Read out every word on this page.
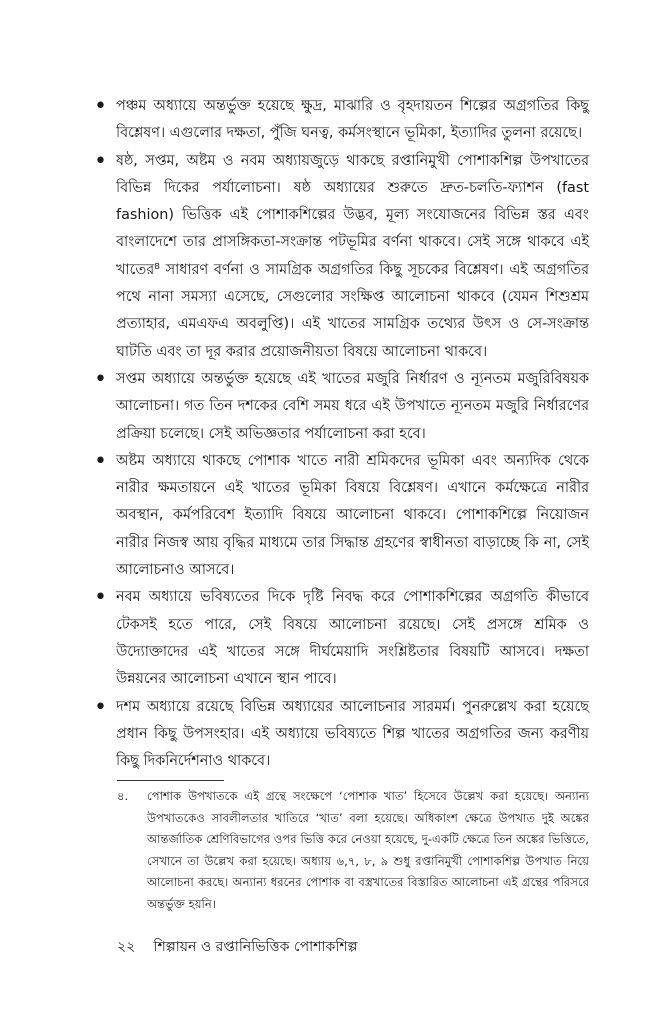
• পঞ্চম অধ্যায়ে অন্তর্ভুক্ত হয়েছে ক্ষুদ্র, মাঝারি ও বৃহদায়তন শিল্পের অগ্রগতির কিছু বিশ্লেষণ। এগুলোর দক্ষতা, পুঁজি ঘনত্ব, কর্মসংস্থানে ভূমিকা, ইত্যাদির তুলনা রয়েছে।
• ষষ্ঠ, সপ্তম, অষ্টম ও নবম অধ্যায়জুড়ে থাকছে রপ্তানিমুখী পোশাকশিল্প উপখাতের বিভিন্ন দিকের পর্যালোচনা। ষষ্ঠ অধ্যায়ের শুরুতে দ্রুত-চলতি-ফ্যাশন (fast fashion) ভিত্তিক এই পোশাকশিল্পের উদ্ভব, মূল্য সংযোজনের বিভিন্ন স্তর এবং বাংলাদেশে তার প্রাসঙ্গিকতা-সংক্রান্ত পটভূমির বর্ণনা থাকবে। সেই সঙ্গে থাকবে এই খাতের⁸ সাধারণ বর্ণনা ও সামগ্রিক অগ্রগতির কিছু সূচকের বিশ্লেষণ। এই অগ্রগতির পথে নানা সমস্যা এসেছে, সেগুলোর সংক্ষিপ্ত আলোচনা থাকবে (যেমন শিশুশ্রম প্রত্যাহার, এমএফএ অবলুপ্তি)। এই খাতের সামগ্রিক তথ্যের উৎস ও সে-সংক্রান্ত ঘাটতি এবং তা দূর করার প্রয়োজনীয়তা বিষয়ে আলোচনা থাকবে।
• সপ্তম অধ্যায়ে অন্তর্ভুক্ত হয়েছে এই খাতের মজুরি নির্ধারণ ও ন্যূনতম মজুরিবিষয়ক আলোচনা। গত তিন দশকের বেশি সময় ধরে এই উপখাতে ন্যূনতম মজুরি নির্ধারণের প্রক্রিয়া চলেছে। সেই অভিজ্ঞতার পর্যালোচনা করা হবে।
• অষ্টম অধ্যায়ে থাকছে পোশাক খাতে নারী শ্রমিকদের ভূমিকা এবং অন্যদিক থেকে নারীর ক্ষমতায়নে এই খাতের ভূমিকা বিষয়ে বিশ্লেষণ। এখানে কর্মক্ষেত্রে নারীর অবস্থান, কর্মপরিবেশ ইত্যাদি বিষয়ে আলোচনা থাকবে। পোশাকশিল্পে নিয়োজন নারীর নিজস্ব আয় বৃদ্ধির মাধ্যমে তার সিদ্ধান্ত গ্রহণের স্বাধীনতা বাড়াচ্ছে কি না, সেই আলোচনাও আসবে।
• নবম অধ্যায়ে ভবিষ্যতের দিকে দৃষ্টি নিবদ্ধ করে পোশাকশিল্পের অগ্রগতি কীভাবে টেকসই হতে পারে, সেই বিষয়ে আলোচনা রয়েছে। সেই প্রসঙ্গে শ্রমিক ও উদ্যোক্তাদের এই খাতের সঙ্গে দীর্ঘমেয়াদি সংশ্লিষ্টতার বিষয়টি আসবে। দক্ষতা উন্নয়নের আলোচনা এখানে স্থান পাবে।
• দশম অধ্যায়ে রয়েছে বিভিন্ন অধ্যায়ের আলোচনার সারমর্ম। পুনরুল্লেখ করা হয়েছে প্রধান কিছু উপসংহার। এই অধ্যায়ে ভবিষ্যতে শিল্প খাতের অগ্রগতির জন্য করণীয় কিছু দিকনির্দেশনাও থাকবে।
৪. পোশাক উপখাতকে এই গ্রন্থে সংক্ষেপে ‘পোশাক খাত’ হিসেবে উল্লেখ করা হয়েছে। অন্যান্য উপখাতকেও সাবলীলতার খাতিরে ‘খাত’ বলা হয়েছে। অধিকাংশ ক্ষেত্রে উপখাত দুই অঙ্কের আন্তর্জাতিক শ্রেণিবিভাগের ওপর ভিত্তি করে নেওয়া হয়েছে, দু-একটি ক্ষেত্রে তিন অঙ্কের ভিত্তিতে, সেখানে তা উল্লেখ করা হয়েছে। অধ্যায় ৬,৭, ৮, ৯ শুধু রপ্তানিমুখী পোশাকশিল্প উপখাত নিয়ে আলোচনা করছে। অন্যান্য ধরনের পোশাক বা বস্ত্রখাতের বিস্তারিত আলোচনা এই গ্রন্থের পরিসরে অন্তর্ভুক্ত হয়নি।
২২ শিল্পায়ন ও রপ্তানিভিত্তিক পোশাকশিল্প
